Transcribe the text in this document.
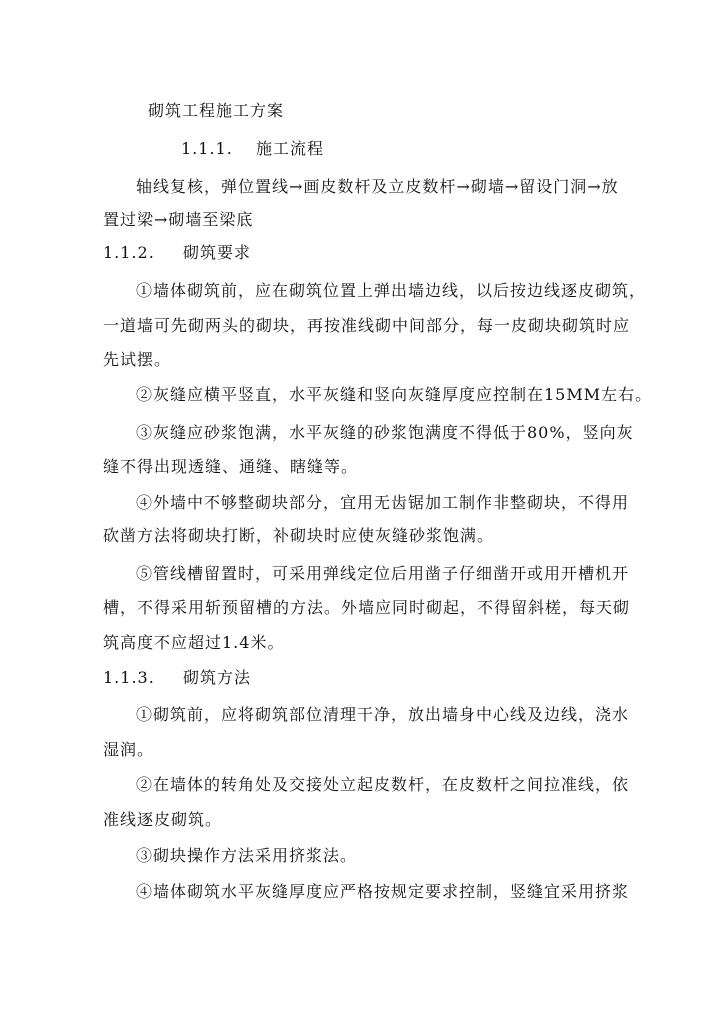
砌筑工程施工方案
1.1.1. 施工流程
轴线复核，弹位置线→画皮数杆及立皮数杆→砌墙→留设门洞→放
置过梁→砌墙至梁底
1.1.2. 砌筑要求
①墙体砌筑前，应在砌筑位置上弹出墙边线，以后按边线逐皮砌筑，
一道墙可先砌两头的砌块，再按准线砌中间部分，每一皮砌块砌筑时应
先试摆。
②灰缝应横平竖直，水平灰缝和竖向灰缝厚度应控制在15MM左右。
③灰缝应砂浆饱满，水平灰缝的砂浆饱满度不得低于80%，竖向灰
缝不得出现透缝、通缝、瞎缝等。
④外墙中不够整砌块部分，宜用无齿锯加工制作非整砌块，不得用
砍凿方法将砌块打断，补砌块时应使灰缝砂浆饱满。
⑤管线槽留置时，可采用弹线定位后用凿子仔细凿开或用开槽机开
槽，不得采用斩预留槽的方法。外墙应同时砌起，不得留斜槎，每天砌
筑高度不应超过1.4米。
1.1.3. 砌筑方法
①砌筑前，应将砌筑部位清理干净，放出墙身中心线及边线，浇水
湿润。
②在墙体的转角处及交接处立起皮数杆，在皮数杆之间拉准线，依
准线逐皮砌筑。
③砌块操作方法采用挤浆法。
④墙体砌筑水平灰缝厚度应严格按规定要求控制，竖缝宜采用挤浆
